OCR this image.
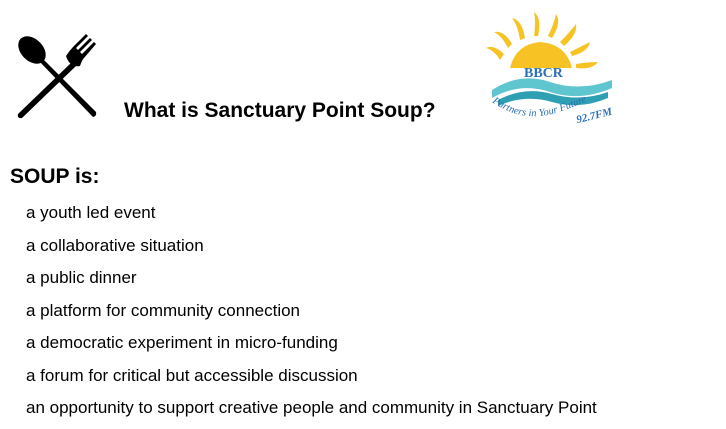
What is Sanctuary Point Soup?
BBCR
Partners in Your Future
92.7FM
SOUP is:
a youth led event
a collaborative situation
a public dinner
a platform for community connection
a democratic experiment in micro-funding
a forum for critical but accessible discussion
an opportunity to support creative people and community in Sanctuary Point
